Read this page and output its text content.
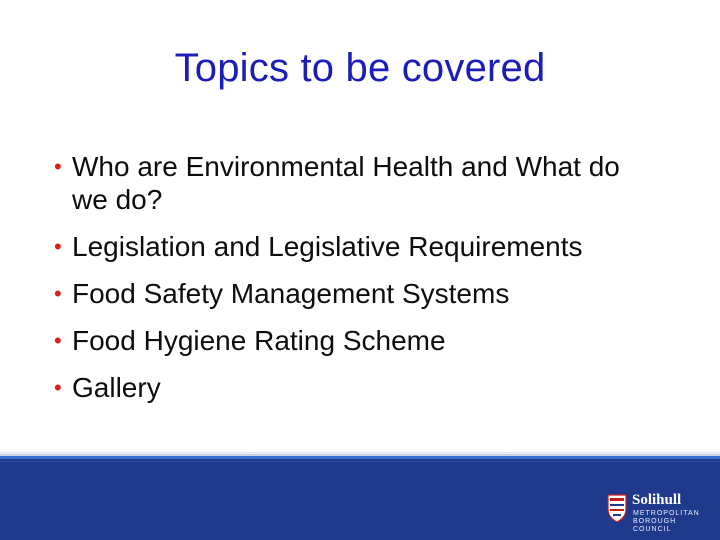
Topics to be covered
• Who are Environmental Health and What do we do?
• Legislation and Legislative Requirements
• Food Safety Management Systems
• Food Hygiene Rating Scheme
• Gallery
Solihull
METROPOLITAN
BOROUGH COUNCIL
